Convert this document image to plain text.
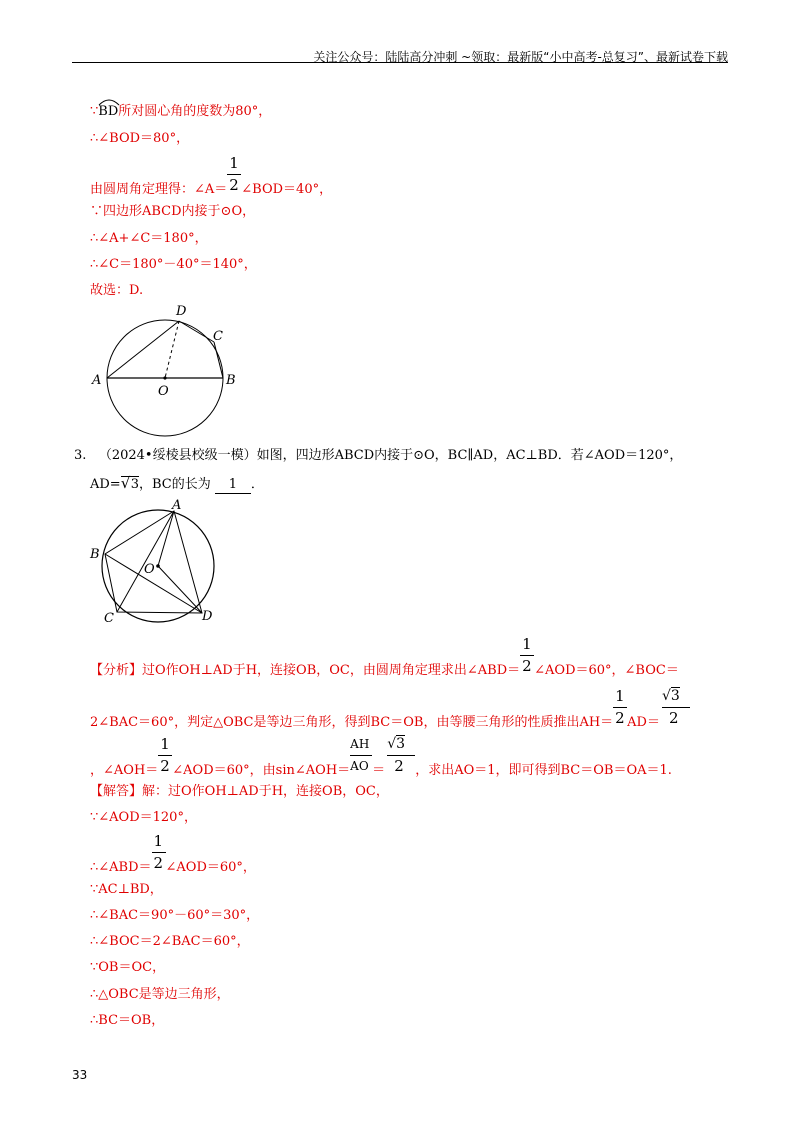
关注公众号：陆陆高分冲刺 ~领取：最新版“小中高考-总复习”、最新试卷下载
∵
BD所对圆心角的度数为80°，
∴∠BOD＝80°，
由圆周角定理得：∠A＝ $\frac{1}{2}$ ∠BOD＝40°，
∵四边形ABCD内接于⊙O，
∴∠A+∠C＝180°，
∴∠C＝180°－40°＝140°，
故选：D.
A	B
C
D
O
3. （2024•绥棱县校级一模）如图，四边形ABCD内接于⊙O，BC∥AD，AC⊥BD．若∠AOD＝120°，
AD= √ 3，BC的长为 1 ．
A
B
C	D
O
【分析】过O作OH⊥AD于H，连接OB，OC，由圆周角定理求出∠ABD＝ $\frac{1}{2}$ ∠AOD＝60°，∠BOC＝
2∠BAC＝60°，判定△OBC是等边三角形，得到BC＝OB，由等腰三角形的性质推出$AH= \frac{1}{2} AD= \frac{√3}{2}$
，∠AOH＝ $\frac{1}{2}$ ∠AOD＝60°，由sin∠AOH＝ $\frac{AH}{AO} = \frac{√3}{2}$ ，求出AO＝1，即可得到BC＝OB＝OA＝1.
【解答】解：过O作OH⊥AD于H，连接OB，OC，
∵∠AOD＝120°，
∴∠ABD＝ $\frac{1}{2}$ ∠AOD＝60°，
∵AC⊥BD，
∴∠BAC＝90°－60°＝30°，
∴∠BOC＝2∠BAC＝60°，
∵OB＝OC，
∴△OBC是等边三角形，
∴BC＝OB，
33
